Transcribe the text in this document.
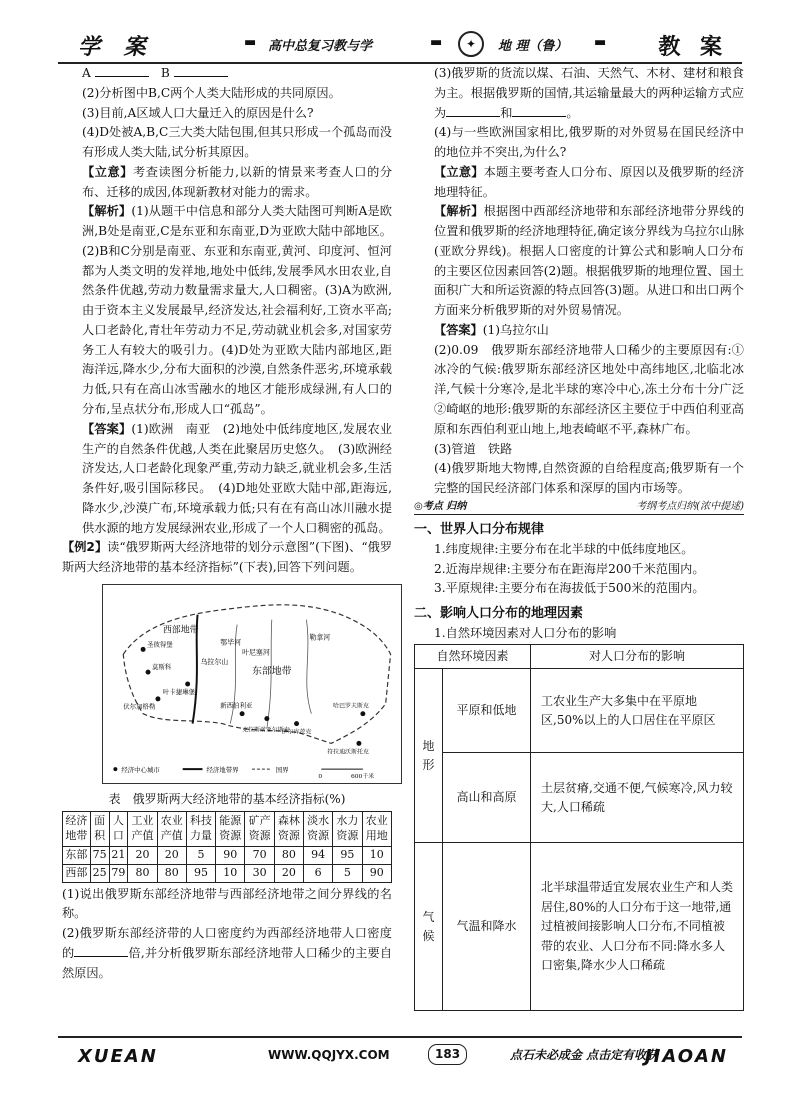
学 案	▬ 高中总复习教与学	▬	✦	地 理（鲁） ▬ 教 案

A 　	B

(2)分析图中B,C两个人类大陆形成的共同原因。

(3)目前,A区域人口大量迁入的原因是什么?

(4)D处被A,B,C三大类大陆包围,但其只形成一个孤岛而没有形成人类大陆,试分析其原因。

【立意】考查读图分析能力,以新的情景来考查人口的分布、迁移的成因,体现新教材对能力的需求。

【解析】(1)从题干中信息和部分人类大陆图可判断A是欧洲,B处是南亚,C是东亚和东南亚,D为亚欧大陆中部地区。(2)B和C分别是南亚、东亚和东南亚,黄河、印度河、恒河都为人类文明的发祥地,地处中低纬,发展季风水田农业,自然条件优越,劳动力数量需求量大,人口稠密。(3)A为欧洲,由于资本主义发展最早,经济发达,社会福利好,工资水平高;人口老龄化,青壮年劳动力不足,劳动就业机会多,对国家劳务工人有较大的吸引力。(4)D处为亚欧大陆内部地区,距海洋远,降水少,分布大面积的沙漠,自然条件恶劣,环境承载力低,只有在高山冰雪融水的地区才能形成绿洲,有人口的分布,呈点状分布,形成人口“孤岛”。

【答案】(1)欧洲　南亚　(2)地处中低纬度地区,发展农业生产的自然条件优越,人类在此聚居历史悠久。　(3)欧洲经济发达,人口老龄化现象严重,劳动力缺乏,就业机会多,生活条件好,吸引国际移民。　(4)D地处亚欧大陆中部,距海远,降水少,沙漠广布,环境承载力低;只有在有高山冰川融水提供水源的地方发展绿洲农业,形成了一个人口稠密的孤岛。

【例2】读“俄罗斯两大经济地带的划分示意图”(下图)、“俄罗斯两大经济地带的基本经济指标”(下表),回答下列问题。

圣彼得堡
莫斯科
伏尔加格勒
叶卡捷琳堡
新西伯利亚
克拉斯诺亚尔斯克
伊尔库茨克
哈巴罗夫斯克
符拉迪沃斯托克
西部地带
东部地带
乌拉尔山
鄂毕河
叶尼塞河
勒拿河
经济中心城市	经济地带界	国界
0	600千米

表　俄罗斯两大经济地带的基本经济指标(%)

经济地带	面积	人口	工业产值	农业产值	科技力量	能源资源	矿产资源	森林资源	淡水资源	水力资源	农业用地
东部	75	21	20	20	5	90	70	80	94	95	10
西部	25	79	80	80	95	10	30	20	6	5	90

(1)说出俄罗斯东部经济地带与西部经济地带之间分界线的名称。

(2)俄罗斯东部经济带的人口密度约为西部经济地带人口密度的	倍,并分析俄罗斯东部经济地带人口稀少的主要自然原因。

(3)俄罗斯的货流以煤、石油、天然气、木材、建材和粮食为主。根据俄罗斯的国情,其运输量最大的两种运输方式应为	和	。

(4)与一些欧洲国家相比,俄罗斯的对外贸易在国民经济中的地位并不突出,为什么?

【立意】本题主要考查人口分布、原因以及俄罗斯的经济地理特征。

【解析】根据图中西部经济地带和东部经济地带分界线的位置和俄罗斯的经济地理特征,确定该分界线为乌拉尔山脉(亚欧分界线)。根据人口密度的计算公式和影响人口分布的主要区位因素回答(2)题。根据俄罗斯的地理位置、国土面积广大和所运资源的特点回答(3)题。从进口和出口两个方面来分析俄罗斯的对外贸易情况。

【答案】(1)乌拉尔山

(2)0.09　俄罗斯东部经济地带人口稀少的主要原因有:①冰冷的气候:俄罗斯东部经济区地处中高纬地区,北临北冰洋,气候十分寒冷,是北半球的寒冷中心,冻土分布十分广泛　②崎岖的地形:俄罗斯的东部经济区主要位于中西伯利亚高原和东西伯利亚山地上,地表崎岖不平,森林广布。

(3)管道　铁路

(4)俄罗斯地大物博,自然资源的自给程度高;俄罗斯有一个完整的国民经济部门体系和深厚的国内市场等。

◎考点 归纳	考纲考点归纳(浓中提逑)

一、世界人口分布规律

1.纬度规律:主要分布在北半球的中低纬度地区。

2.近海岸规律:主要分布在距海岸200千米范围内。

3.平原规律:主要分布在海拔低于500米的范围内。

二、影响人口分布的地理因素

1.自然环境因素对人口分布的影响

自然环境因素		对人口分布的影响
地形	平原和低地	工农业生产大多集中在平原地区,50%以上的人口居住在平原区
	高山和高原	土层贫瘠,交通不便,气候寒冷,风力较大,人口稀疏
气候	气温和降水	北半球温带适宜发展农业生产和人类居住,80%的人口分布于这一地带,通过植被间接影响人口分布,不同植被带的农业、人口分布不同:降水多人口密集,降水少人口稀疏
XUEAN	WWW.QQJYX.COM	183	点石未必成金 点击定有收获
JIAOAN
